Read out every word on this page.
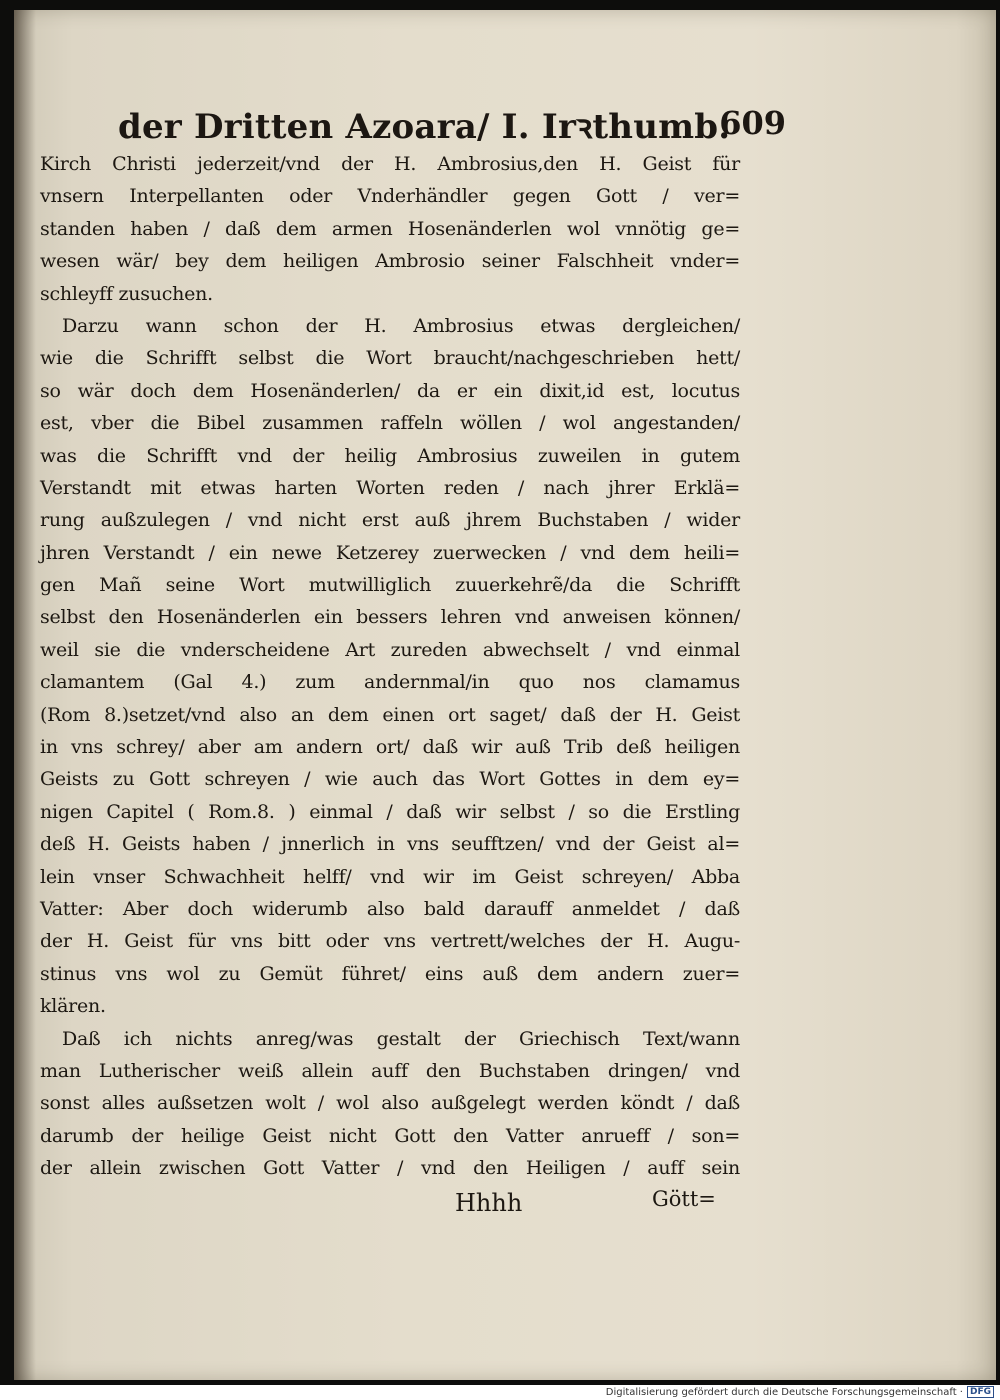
der Dritten Azoara/ I. Irꝛthumb.
609
Kirch Christi jederzeit/vnd der H. Ambrosius,den H. Geist für
vnsern Interpellanten oder Vnderhändler gegen Gott / ver=
standen haben / daß dem armen Hosenänderlen wol vnnötig ge=
wesen wär/ bey dem heiligen Ambrosio seiner Falschheit vnder=
schleyff zusuchen.
Darzu wann schon der H. Ambrosius etwas dergleichen/
wie die Schrifft selbst die Wort braucht/nachgeschrieben hett/
so wär doch dem Hosenänderlen/ da er ein dixit,id est, locutus
est, vber die Bibel zusammen raffeln wöllen / wol angestanden/
was die Schrifft vnd der heilig Ambrosius zuweilen in gutem
Verstandt mit etwas harten Worten reden / nach jhrer Erklä=
rung außzulegen / vnd nicht erst auß jhrem Buchstaben / wider
jhren Verstandt / ein newe Ketzerey zuerwecken / vnd dem heili=
gen Mañ seine Wort mutwilliglich zuuerkehrẽ/da die Schrifft
selbst den Hosenänderlen ein bessers lehren vnd anweisen können/
weil sie die vnderscheidene Art zureden abwechselt / vnd einmal
clamantem (Gal 4.) zum andernmal/in quo nos clamamus
(Rom 8.)setzet/vnd also an dem einen ort saget/ daß der H. Geist
in vns schrey/ aber am andern ort/ daß wir auß Trib deß heiligen
Geists zu Gott schreyen / wie auch das Wort Gottes in dem ey=
nigen Capitel ( Rom.8. ) einmal / daß wir selbst / so die Erstling
deß H. Geists haben / jnnerlich in vns seufftzen/ vnd der Geist al=
lein vnser Schwachheit helff/ vnd wir im Geist schreyen/ Abba
Vatter: Aber doch widerumb also bald darauff anmeldet / daß
der H. Geist für vns bitt oder vns vertrett/welches der H. Augu-
stinus vns wol zu Gemüt führet/ eins auß dem andern zuer=
klären.
Daß ich nichts anreg/was gestalt der Griechisch Text/wann
man Lutherischer weiß allein auff den Buchstaben dringen/ vnd
sonst alles außsetzen wolt / wol also außgelegt werden köndt / daß
darumb der heilige Geist nicht Gott den Vatter anrueff / son=
der allein zwischen Gott Vatter / vnd den Heiligen / auff sein
Hhhh	Gött=
Digitalisierung gefördert durch die Deutsche Forschungsgemeinschaft · DFG
